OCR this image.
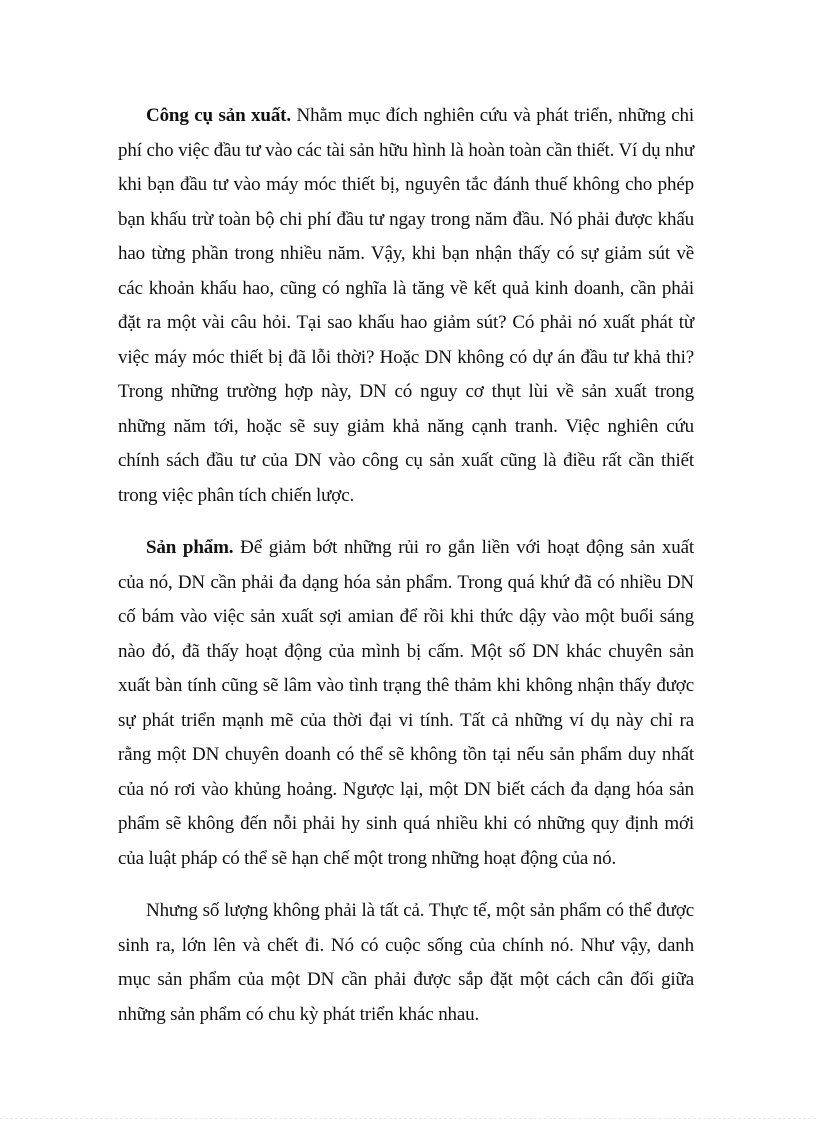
Công cụ sản xuất. Nhằm mục đích nghiên cứu và phát triển, những chi phí cho việc đầu tư vào các tài sản hữu hình là hoàn toàn cần thiết. Ví dụ như khi bạn đầu tư vào máy móc thiết bị, nguyên tắc đánh thuế không cho phép bạn khấu trừ toàn bộ chi phí đầu tư ngay trong năm đầu. Nó phải được khấu hao từng phần trong nhiều năm. Vậy, khi bạn nhận thấy có sự giảm sút về các khoản khấu hao, cũng có nghĩa là tăng về kết quả kinh doanh, cần phải đặt ra một vài câu hỏi. Tại sao khấu hao giảm sút? Có phải nó xuất phát từ việc máy móc thiết bị đã lỗi thời? Hoặc DN không có dự án đầu tư khả thi? Trong những trường hợp này, DN có nguy cơ thụt lùi về sản xuất trong những năm tới, hoặc sẽ suy giảm khả năng cạnh tranh. Việc nghiên cứu chính sách đầu tư của DN vào công cụ sản xuất cũng là điều rất cần thiết trong việc phân tích chiến lược.

Sản phẩm. Để giảm bớt những rủi ro gắn liền với hoạt động sản xuất của nó, DN cần phải đa dạng hóa sản phẩm. Trong quá khứ đã có nhiều DN cố bám vào việc sản xuất sợi amian để rồi khi thức dậy vào một buổi sáng nào đó, đã thấy hoạt động của mình bị cấm. Một số DN khác chuyên sản xuất bàn tính cũng sẽ lâm vào tình trạng thê thảm khi không nhận thấy được sự phát triển mạnh mẽ của thời đại vi tính. Tất cả những ví dụ này chỉ ra rằng một DN chuyên doanh có thể sẽ không tồn tại nếu sản phẩm duy nhất của nó rơi vào khủng hoảng. Ngược lại, một DN biết cách đa dạng hóa sản phẩm sẽ không đến nỗi phải hy sinh quá nhiều khi có những quy định mới của luật pháp có thể sẽ hạn chế một trong những hoạt động của nó.

Nhưng số lượng không phải là tất cả. Thực tế, một sản phẩm có thể được sinh ra, lớn lên và chết đi. Nó có cuộc sống của chính nó. Như vậy, danh mục sản phẩm của một DN cần phải được sắp đặt một cách cân đối giữa những sản phẩm có chu kỳ phát triển khác nhau.
